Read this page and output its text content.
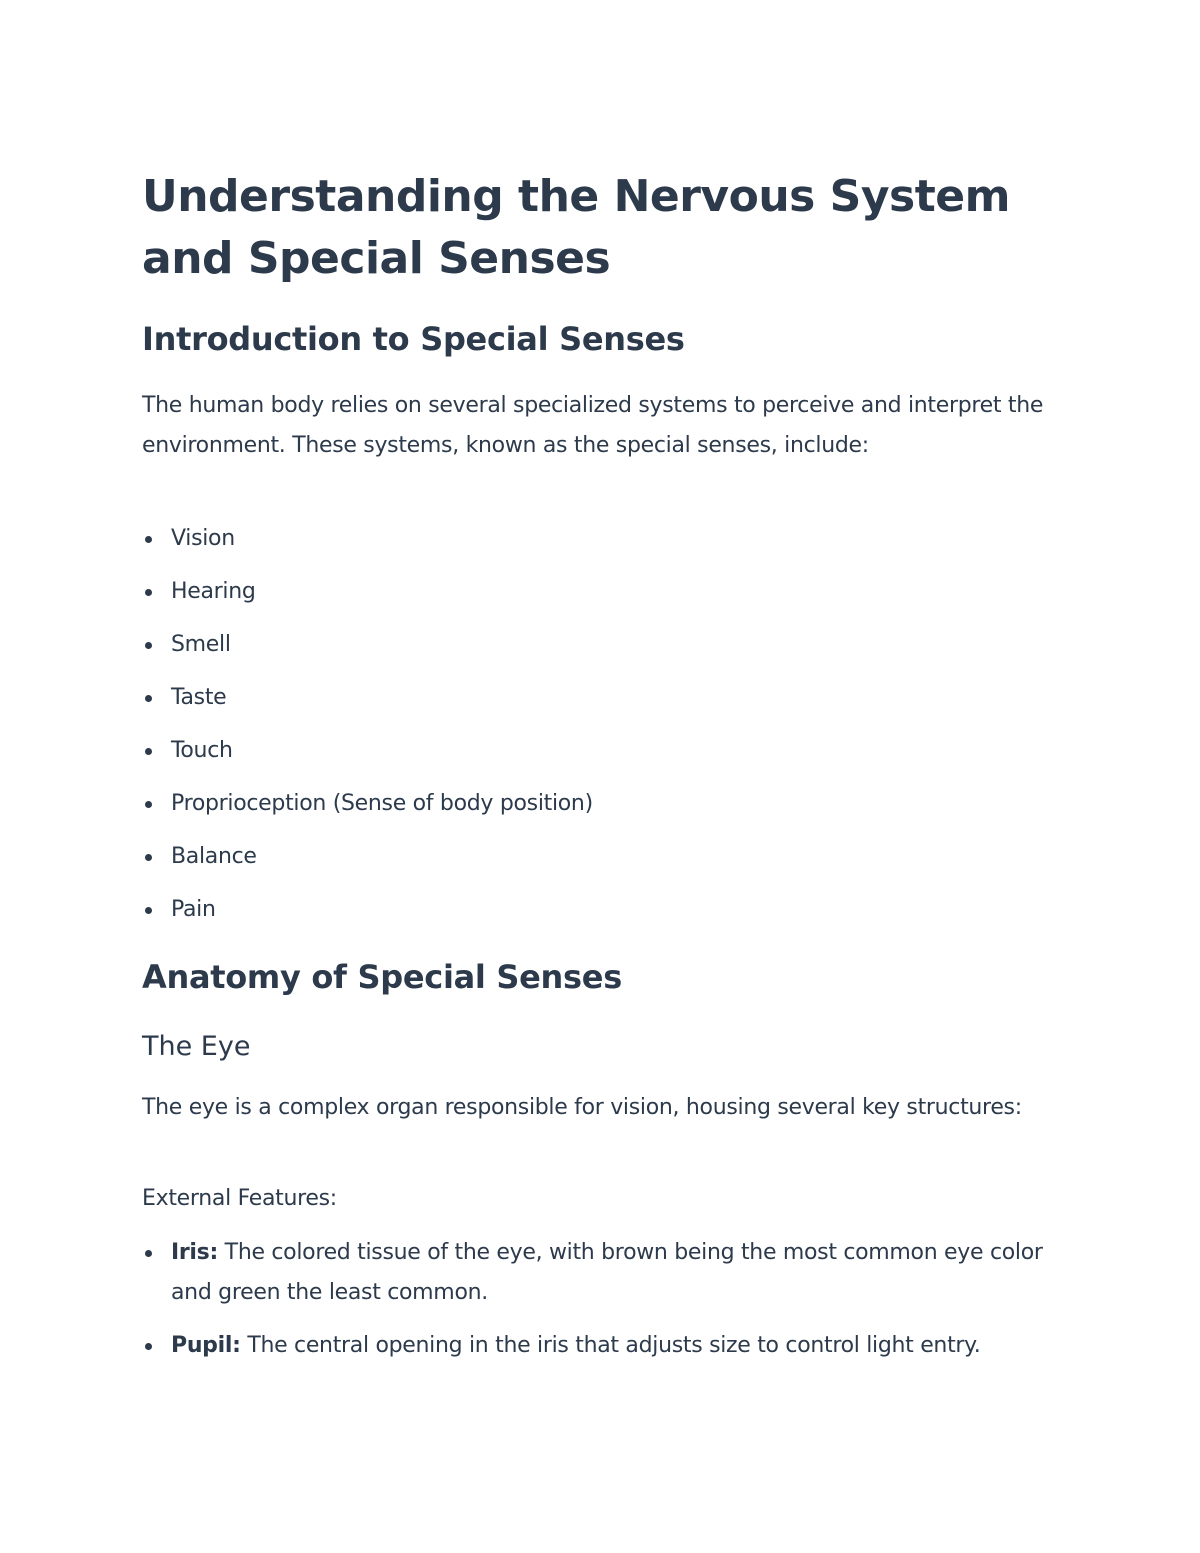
Understanding the Nervous System and Special Senses
Introduction to Special Senses

The human body relies on several specialized systems to perceive and interpret the environment. These systems, known as the special senses, include:

Vision
Hearing
Smell
Taste
Touch
Proprioception (Sense of body position)
Balance
Pain
Anatomy of Special Senses
The Eye

The eye is a complex organ responsible for vision, housing several key structures:

External Features:

Iris: The colored tissue of the eye, with brown being the most common eye color and green the least common.
Pupil: The central opening in the iris that adjusts size to control light entry.
